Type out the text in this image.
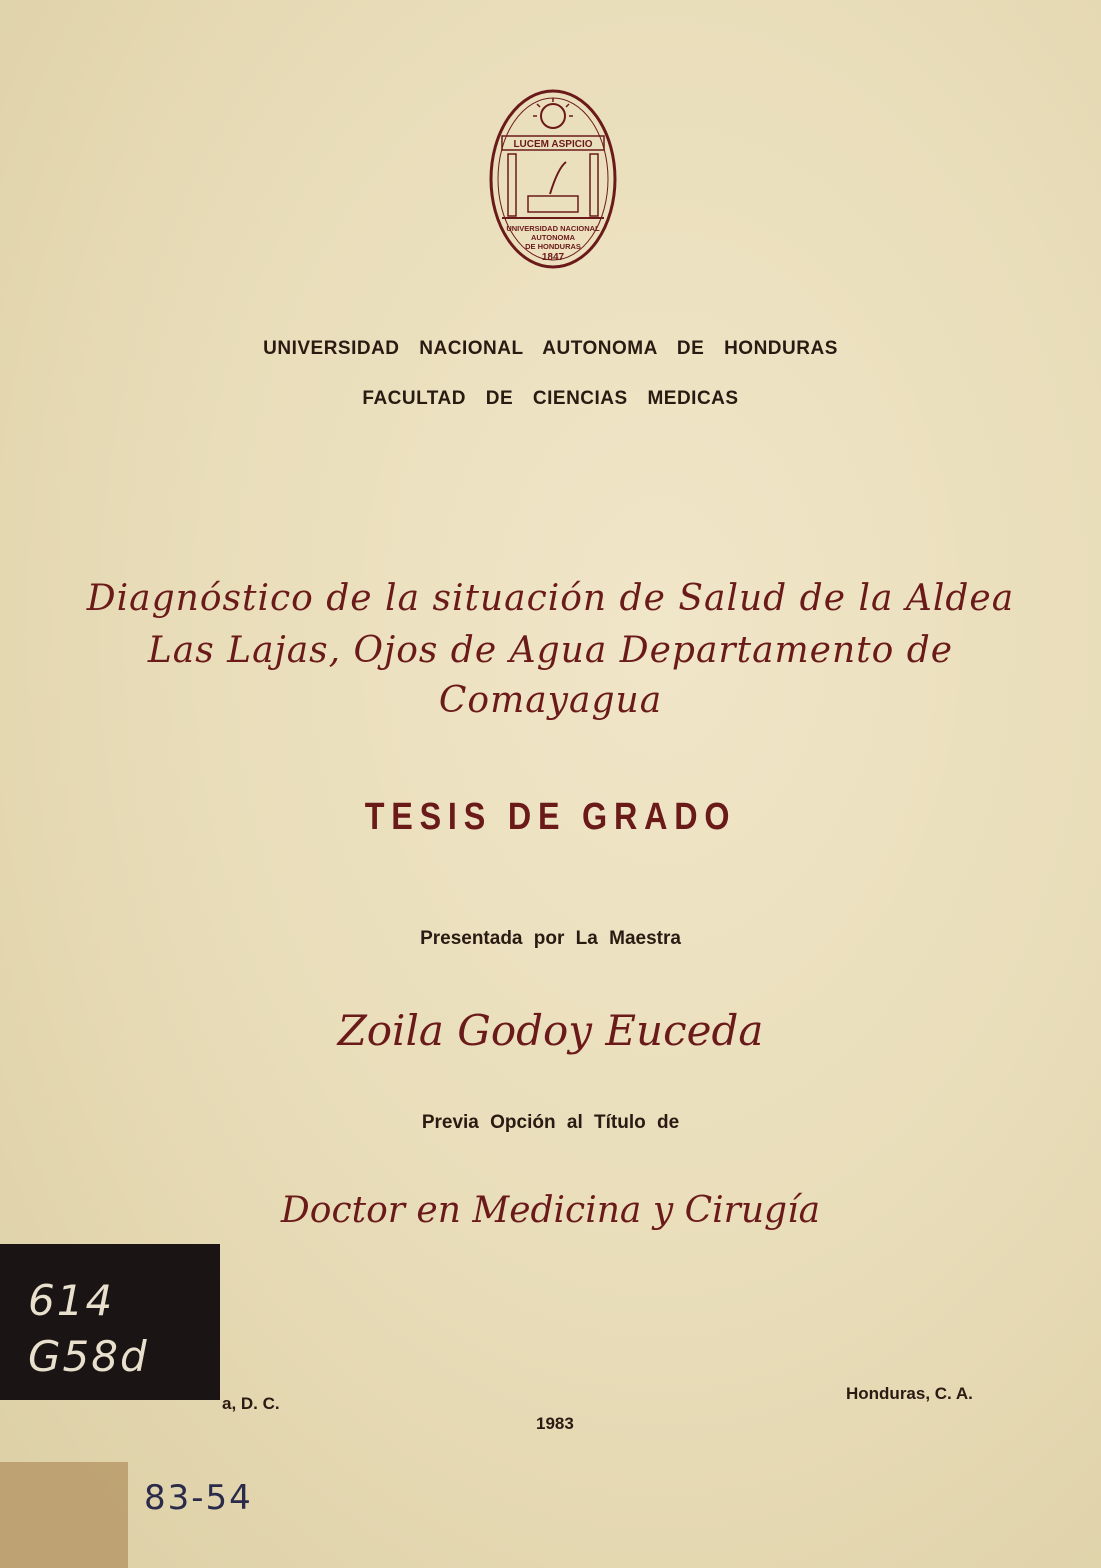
LUCEM ASPICIO
UNIVERSIDAD NACIONAL
AUTONOMA
DE HONDURAS
1847
UNIVERSIDAD NACIONAL AUTONOMA DE HONDURAS
FACULTAD DE CIENCIAS MEDICAS
Diagnóstico de la situación de Salud de la Aldea
Las Lajas, Ojos de Agua Departamento de
Comayagua
TESIS DE GRADO
Presentada por La Maestra
Zoila Godoy Euceda
Previa Opción al Título de
Doctor en Medicina y Cirugía
614
G58d
a, D. C.
Honduras, C. A.
1983
83-54
